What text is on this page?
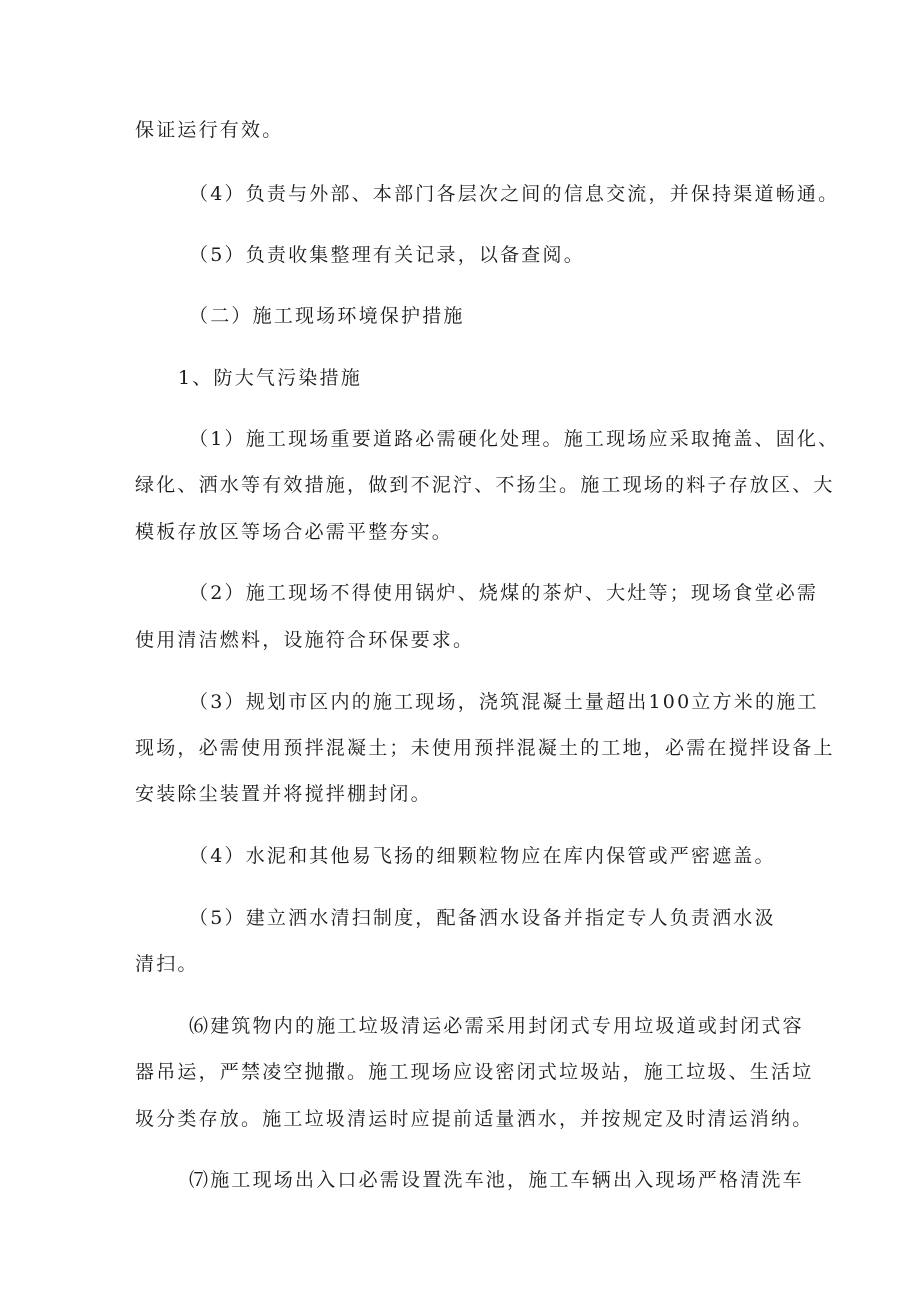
保证运行有效。
（4）负责与外部、本部门各层次之间的信息交流，并保持渠道畅通。
（5）负责收集整理有关记录，以备查阅。
（二）施工现场环境保护措施
1、防大气污染措施
（1）施工现场重要道路必需硬化处理。施工现场应采取掩盖、固化、
绿化、洒水等有效措施，做到不泥泞、不扬尘。施工现场的料子存放区、大
模板存放区等场合必需平整夯实。
（2）施工现场不得使用锅炉、烧煤的茶炉、大灶等；现场食堂必需
使用清洁燃料，设施符合环保要求。
（3）规划市区内的施工现场，浇筑混凝土量超出100立方米的施工
现场，必需使用预拌混凝土；未使用预拌混凝土的工地，必需在搅拌设备上
安装除尘装置并将搅拌棚封闭。
（4）水泥和其他易飞扬的细颗粒物应在库内保管或严密遮盖。
（5）建立洒水清扫制度，配备洒水设备并指定专人负责洒水汲
清扫。
⑹建筑物内的施工垃圾清运必需采用封闭式专用垃圾道或封闭式容
器吊运，严禁凌空抛撒。施工现场应设密闭式垃圾站，施工垃圾、生活垃
圾分类存放。施工垃圾清运时应提前适量洒水，并按规定及时清运消纳。
⑺施工现场出入口必需设置洗车池，施工车辆出入现场严格清洗车
